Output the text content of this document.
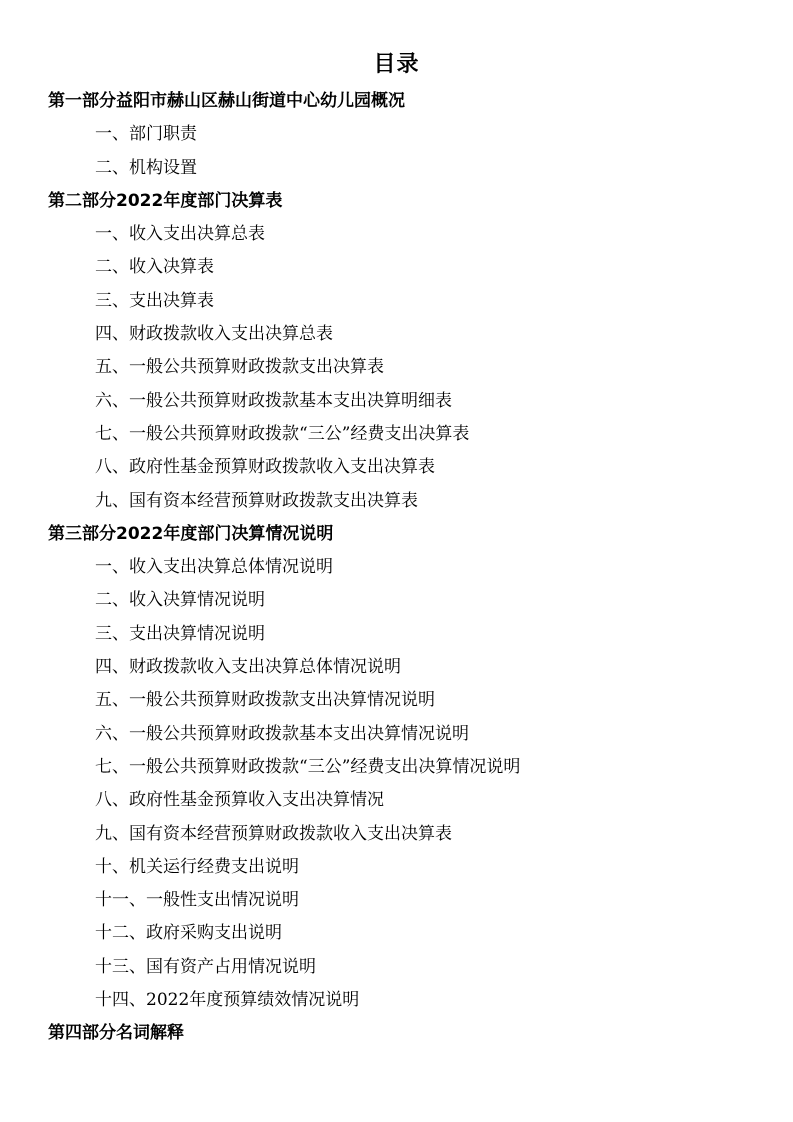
目录
第一部分益阳市赫山区赫山街道中心幼儿园概况
一、部门职责
二、机构设置
第二部分2022年度部门决算表
一、收入支出决算总表
二、收入决算表
三、支出决算表
四、财政拨款收入支出决算总表
五、一般公共预算财政拨款支出决算表
六、一般公共预算财政拨款基本支出决算明细表
七、一般公共预算财政拨款“三公”经费支出决算表
八、政府性基金预算财政拨款收入支出决算表
九、国有资本经营预算财政拨款支出决算表
第三部分2022年度部门决算情况说明
一、收入支出决算总体情况说明
二、收入决算情况说明
三、支出决算情况说明
四、财政拨款收入支出决算总体情况说明
五、一般公共预算财政拨款支出决算情况说明
六、一般公共预算财政拨款基本支出决算情况说明
七、一般公共预算财政拨款“三公”经费支出决算情况说明
八、政府性基金预算收入支出决算情况
九、国有资本经营预算财政拨款收入支出决算表
十、机关运行经费支出说明
十一、一般性支出情况说明
十二、政府采购支出说明
十三、国有资产占用情况说明
十四、2022年度预算绩效情况说明
第四部分名词解释
